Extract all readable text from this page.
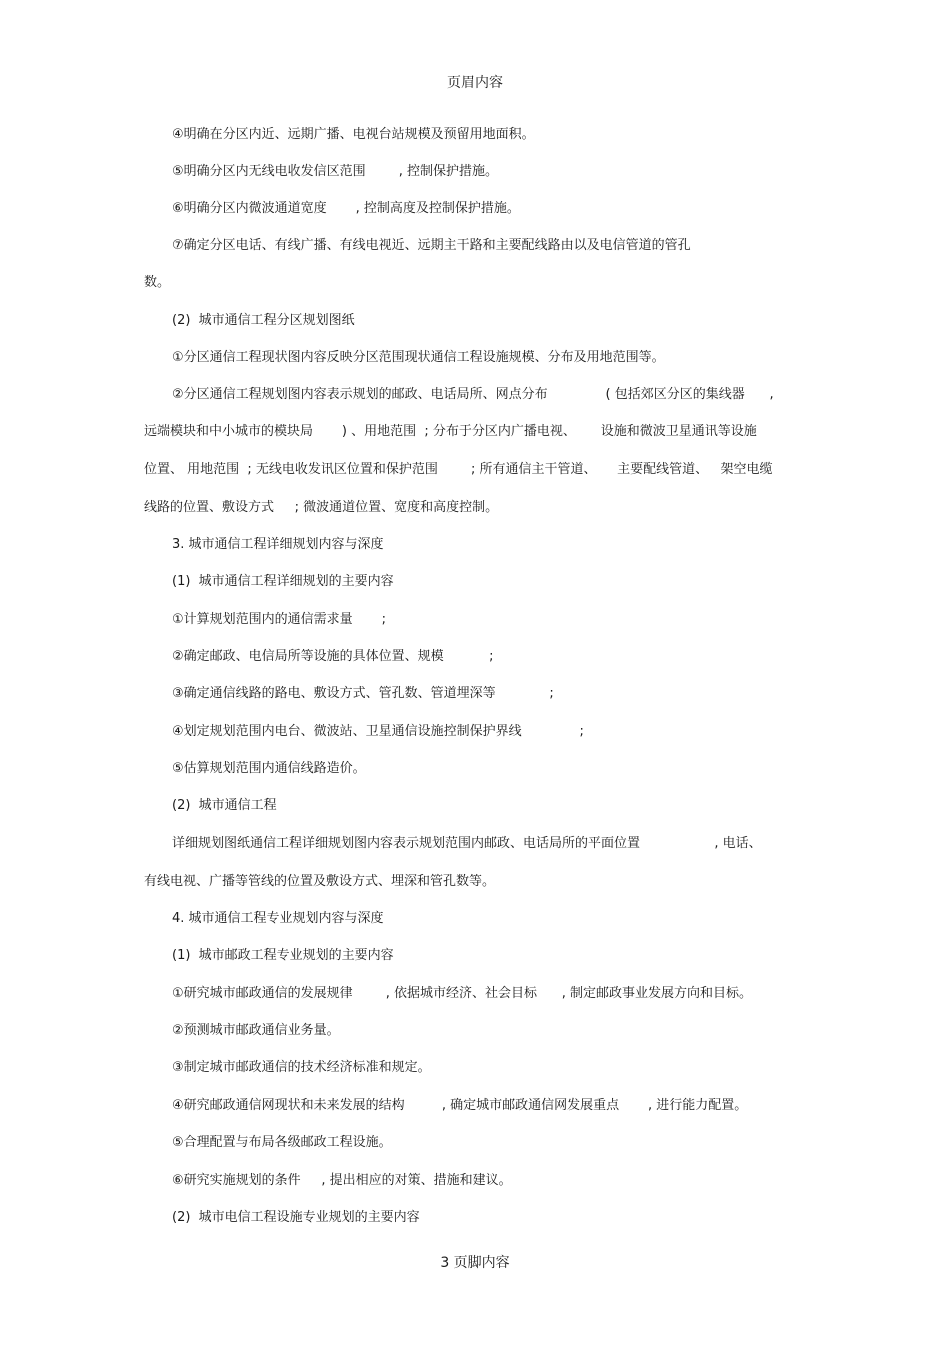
页眉内容
④明确在分区内近、远期广播、电视台站规模及预留用地面积。
⑤明确分区内无线电收发信区范围        , 控制保护措施。
⑥明确分区内微波通道宽度       , 控制高度及控制保护措施。
⑦确定分区电话、有线广播、有线电视近、远期主干路和主要配线路由以及电信管道的管孔
数。
(2)  城市通信工程分区规划图纸
①分区通信工程现状图内容反映分区范围现状通信工程设施规模、分布及用地范围等。
②分区通信工程规划图内容表示规划的邮政、电话局所、网点分布              ( 包括郊区分区的集线器      ,
远端模块和中小城市的模块局       ) 、用地范围  ; 分布于分区内广播电视、      设施和微波卫星通讯等设施
位置、 用地范围  ; 无线电收发讯区位置和保护范围        ; 所有通信主干管道、     主要配线管道、   架空电缆
线路的位置、敷设方式     ; 微波通道位置、宽度和高度控制。
3. 城市通信工程详细规划内容与深度
(1)  城市通信工程详细规划的主要内容
①计算规划范围内的通信需求量       ;
②确定邮政、电信局所等设施的具体位置、规模           ;
③确定通信线路的路电、敷设方式、管孔数、管道埋深等             ;
④划定规划范围内电台、微波站、卫星通信设施控制保护界线              ;
⑤估算规划范围内通信线路造价。
(2)  城市通信工程
详细规划图纸通信工程详细规划图内容表示规划范围内邮政、电话局所的平面位置                  , 电话、
有线电视、广播等管线的位置及敷设方式、埋深和管孔数等。
4. 城市通信工程专业规划内容与深度
(1)  城市邮政工程专业规划的主要内容
①研究城市邮政通信的发展规律        , 依据城市经济、社会目标      , 制定邮政事业发展方向和目标。
②预测城市邮政通信业务量。
③制定城市邮政通信的技术经济标准和规定。
④研究邮政通信网现状和未来发展的结构         , 确定城市邮政通信网发展重点       , 进行能力配置。
⑤合理配置与布局各级邮政工程设施。
⑥研究实施规划的条件     , 提出相应的对策、措施和建议。
(2)  城市电信工程设施专业规划的主要内容
3 页脚内容
